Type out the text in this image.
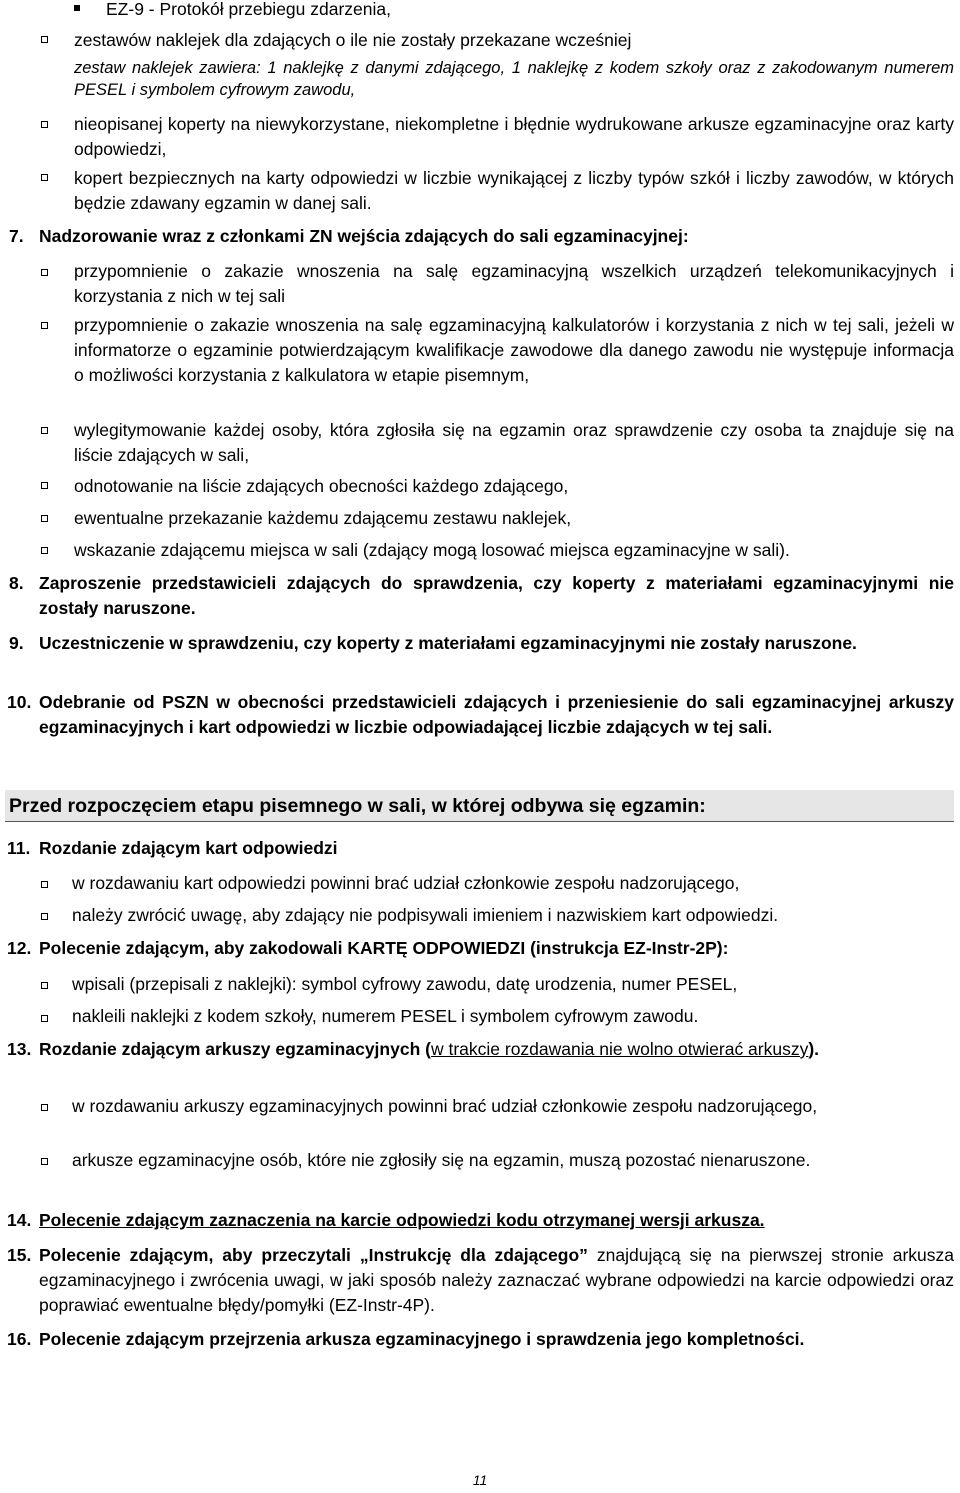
EZ-9 - Protokół przebiegu zdarzenia,
zestawów naklejek dla zdających o ile nie zostały przekazane wcześniej
zestaw naklejek zawiera: 1 naklejkę z danymi zdającego, 1 naklejkę z kodem szkoły oraz z zakodowanym numerem PESEL i symbolem cyfrowym zawodu,
nieopisanej koperty na niewykorzystane, niekompletne i błędnie wydrukowane arkusze egzaminacyjne oraz karty odpowiedzi,
kopert bezpiecznych na karty odpowiedzi w liczbie wynikającej z liczby typów szkół i liczby zawodów, w których będzie zdawany egzamin w danej sali.
7. Nadzorowanie wraz z członkami ZN wejścia zdających do sali egzaminacyjnej:
przypomnienie o zakazie wnoszenia na salę egzaminacyjną wszelkich urządzeń telekomunikacyjnych i korzystania z nich w tej sali
przypomnienie o zakazie wnoszenia na salę egzaminacyjną kalkulatorów i korzystania z nich w tej sali, jeżeli w informatorze o egzaminie potwierdzającym kwalifikacje zawodowe dla danego zawodu nie występuje informacja o możliwości korzystania z kalkulatora w etapie pisemnym,
wylegitymowanie każdej osoby, która zgłosiła się na egzamin oraz sprawdzenie czy osoba ta znajduje się na liście zdających w sali,
odnotowanie na liście zdających obecności każdego zdającego,
ewentualne przekazanie każdemu zdającemu zestawu naklejek,
wskazanie zdającemu miejsca w sali (zdający mogą losować miejsca egzaminacyjne w sali).
8. Zaproszenie przedstawicieli zdających do sprawdzenia, czy koperty z materiałami egzaminacyjnymi nie zostały naruszone.
9. Uczestniczenie w sprawdzeniu, czy koperty z materiałami egzaminacyjnymi nie zostały naruszone.
10. Odebranie od PSZN w obecności przedstawicieli zdających i przeniesienie do sali egzaminacyjnej arkuszy egzaminacyjnych i kart odpowiedzi w liczbie odpowiadającej liczbie zdających w tej sali.
Przed rozpoczęciem etapu pisemnego w sali, w której odbywa się egzamin:
11. Rozdanie zdającym kart odpowiedzi
w rozdawaniu kart odpowiedzi powinni brać udział członkowie zespołu nadzorującego,
należy zwrócić uwagę, aby zdający nie podpisywali imieniem i nazwiskiem kart odpowiedzi.
12. Polecenie zdającym, aby zakodowali KARTĘ ODPOWIEDZI (instrukcja EZ-Instr-2P):
wpisali (przepisali z naklejki): symbol cyfrowy zawodu, datę urodzenia, numer PESEL,
nakleili naklejki z kodem szkoły, numerem PESEL i symbolem cyfrowym zawodu.
13. Rozdanie zdającym arkuszy egzaminacyjnych (w trakcie rozdawania nie wolno otwierać arkuszy).
w rozdawaniu arkuszy egzaminacyjnych powinni brać udział członkowie zespołu nadzorującego,
arkusze egzaminacyjne osób, które nie zgłosiły się na egzamin, muszą pozostać nienaruszone.
14. Polecenie zdającym zaznaczenia na karcie odpowiedzi kodu otrzymanej wersji arkusza.
15. Polecenie zdającym, aby przeczytali „Instrukcję dla zdającego” znajdującą się na pierwszej stronie arkusza egzaminacyjnego i zwrócenia uwagi, w jaki sposób należy zaznaczać wybrane odpowiedzi na karcie odpowiedzi oraz poprawiać ewentualne błędy/pomyłki (EZ-Instr-4P).
16. Polecenie zdającym przejrzenia arkusza egzaminacyjnego i sprawdzenia jego kompletności.
11
